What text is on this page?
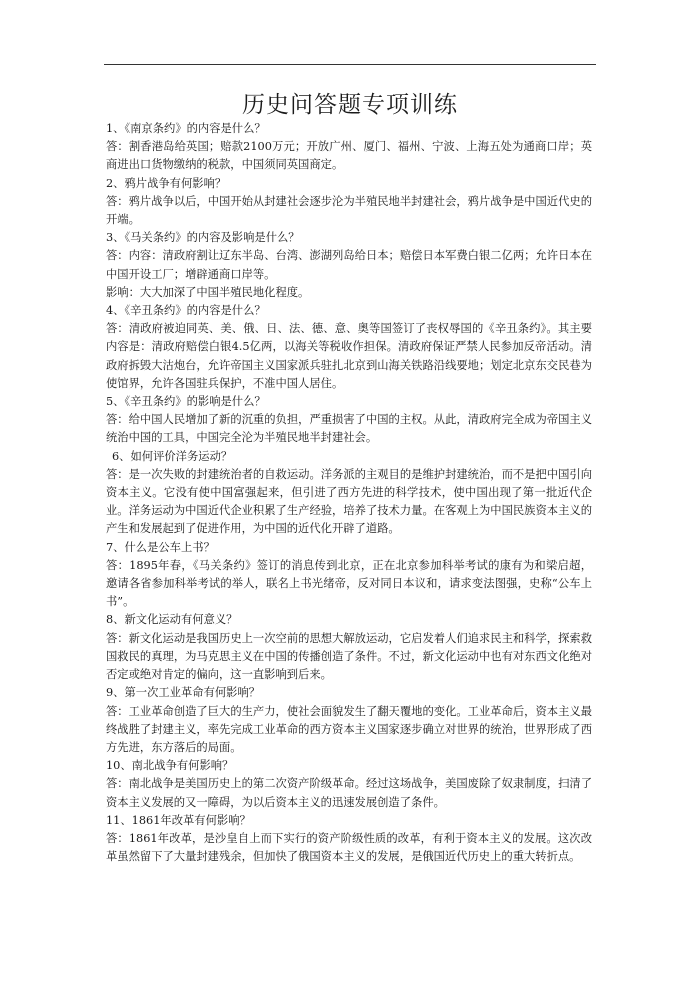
历史问答题专项训练

1、《南京条约》的内容是什么？

答：割香港岛给英国；赔款2100万元；开放广州、厦门、福州、宁波、上海五处为通商口岸；英商进出口货物缴纳的税款，中国须同英国商定。

2、鸦片战争有何影响？

答：鸦片战争以后，中国开始从封建社会逐步沦为半殖民地半封建社会，鸦片战争是中国近代史的开端。

3、《马关条约》的内容及影响是什么？

答：内容：清政府割让辽东半岛、台湾、澎湖列岛给日本；赔偿日本军费白银二亿两；允许日本在中国开设工厂；增辟通商口岸等。

影响：大大加深了中国半殖民地化程度。

4、《辛丑条约》的内容是什么？

答：清政府被迫同英、美、俄、日、法、德、意、奥等国签订了丧权辱国的《辛丑条约》。其主要内容是：清政府赔偿白银4.5亿两，以海关等税收作担保。清政府保证严禁人民参加反帝活动。清政府拆毁大沽炮台，允许帝国主义国家派兵驻扎北京到山海关铁路沿线要地；划定北京东交民巷为使馆界，允许各国驻兵保护，不准中国人居住。

5、《辛丑条约》的影响是什么？

答：给中国人民增加了新的沉重的负担，严重损害了中国的主权。从此，清政府完全成为帝国主义统治中国的工具，中国完全沦为半殖民地半封建社会。

6、如何评价洋务运动？

答：是一次失败的封建统治者的自救运动。洋务派的主观目的是维护封建统治，而不是把中国引向资本主义。它没有使中国富强起来，但引进了西方先进的科学技术，使中国出现了第一批近代企业。洋务运动为中国近代企业积累了生产经验，培养了技术力量。在客观上为中国民族资本主义的产生和发展起到了促进作用，为中国的近代化开辟了道路。

7、什么是公车上书？

答：1895年春，《马关条约》签订的消息传到北京，正在北京参加科举考试的康有为和梁启超，邀请各省参加科举考试的举人，联名上书光绪帝，反对同日本议和，请求变法图强，史称“公车上书”。

8、新文化运动有何意义？

答：新文化运动是我国历史上一次空前的思想大解放运动，它启发着人们追求民主和科学，探索救国救民的真理，为马克思主义在中国的传播创造了条件。不过，新文化运动中也有对东西文化绝对否定或绝对肯定的偏向，这一直影响到后来。

9、第一次工业革命有何影响？

答：工业革命创造了巨大的生产力，使社会面貌发生了翻天覆地的变化。工业革命后，资本主义最终战胜了封建主义，率先完成工业革命的西方资本主义国家逐步确立对世界的统治，世界形成了西方先进，东方落后的局面。

10、南北战争有何影响？

答：南北战争是美国历史上的第二次资产阶级革命。经过这场战争，美国废除了奴隶制度，扫清了资本主义发展的又一障碍，为以后资本主义的迅速发展创造了条件。

11、1861年改革有何影响？

答：1861年改革，是沙皇自上而下实行的资产阶级性质的改革，有利于资本主义的发展。这次改革虽然留下了大量封建残余，但加快了俄国资本主义的发展，是俄国近代历史上的重大转折点。
